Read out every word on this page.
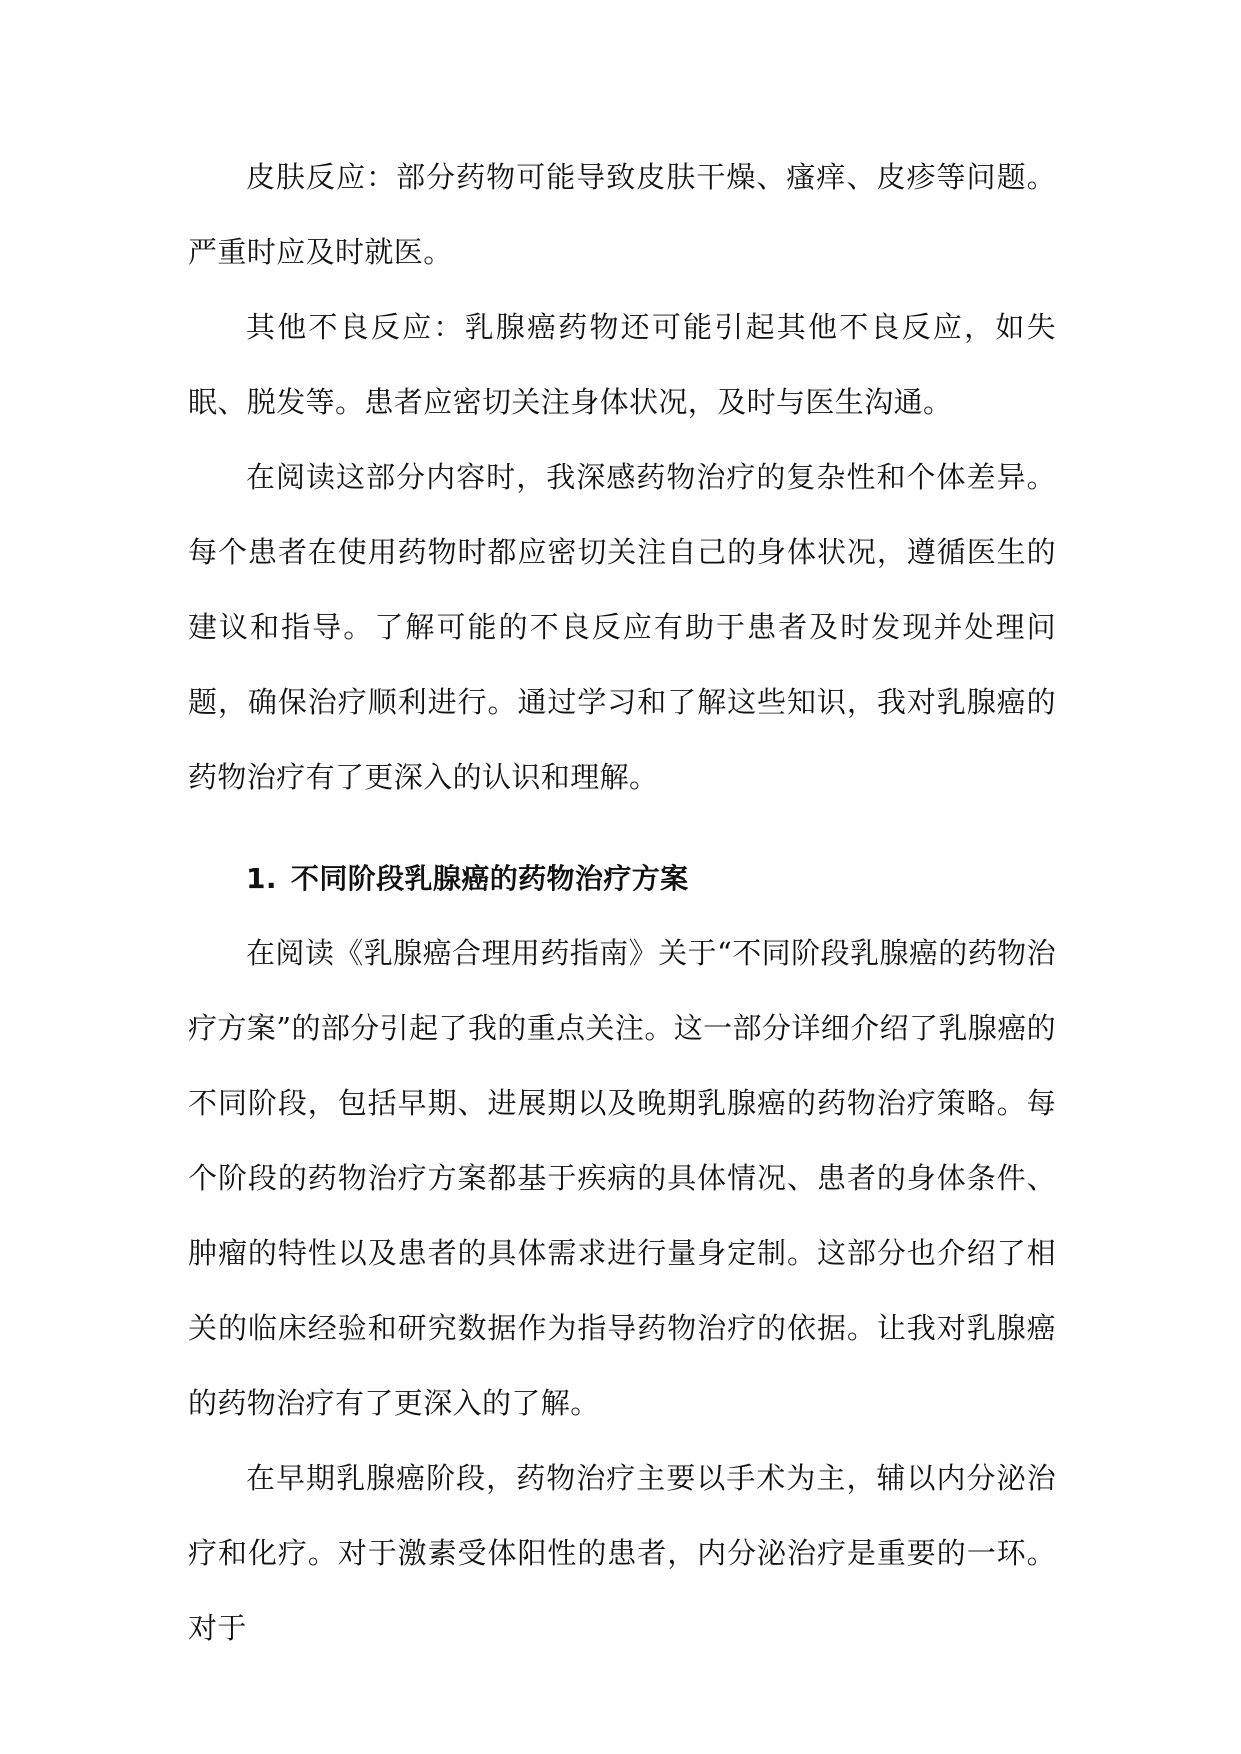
皮肤反应：部分药物可能导致皮肤干燥、瘙痒、皮疹等问题。严重时应及时就医。

其他不良反应：乳腺癌药物还可能引起其他不良反应，如失眠、脱发等。患者应密切关注身体状况，及时与医生沟通。

在阅读这部分内容时，我深感药物治疗的复杂性和个体差异。每个患者在使用药物时都应密切关注自己的身体状况，遵循医生的建议和指导。了解可能的不良反应有助于患者及时发现并处理问题，确保治疗顺利进行。通过学习和了解这些知识，我对乳腺癌的药物治疗有了更深入的认识和理解。

1. 不同阶段乳腺癌的药物治疗方案

在阅读《乳腺癌合理用药指南》关于“不同阶段乳腺癌的药物治疗方案”的部分引起了我的重点关注。这一部分详细介绍了乳腺癌的不同阶段，包括早期、进展期以及晚期乳腺癌的药物治疗策略。每个阶段的药物治疗方案都基于疾病的具体情况、患者的身体条件、肿瘤的特性以及患者的具体需求进行量身定制。这部分也介绍了相关的临床经验和研究数据作为指导药物治疗的依据。让我对乳腺癌的药物治疗有了更深入的了解。

在早期乳腺癌阶段，药物治疗主要以手术为主，辅以内分泌治疗和化疗。对于激素受体阳性的患者，内分泌治疗是重要的一环。对于
